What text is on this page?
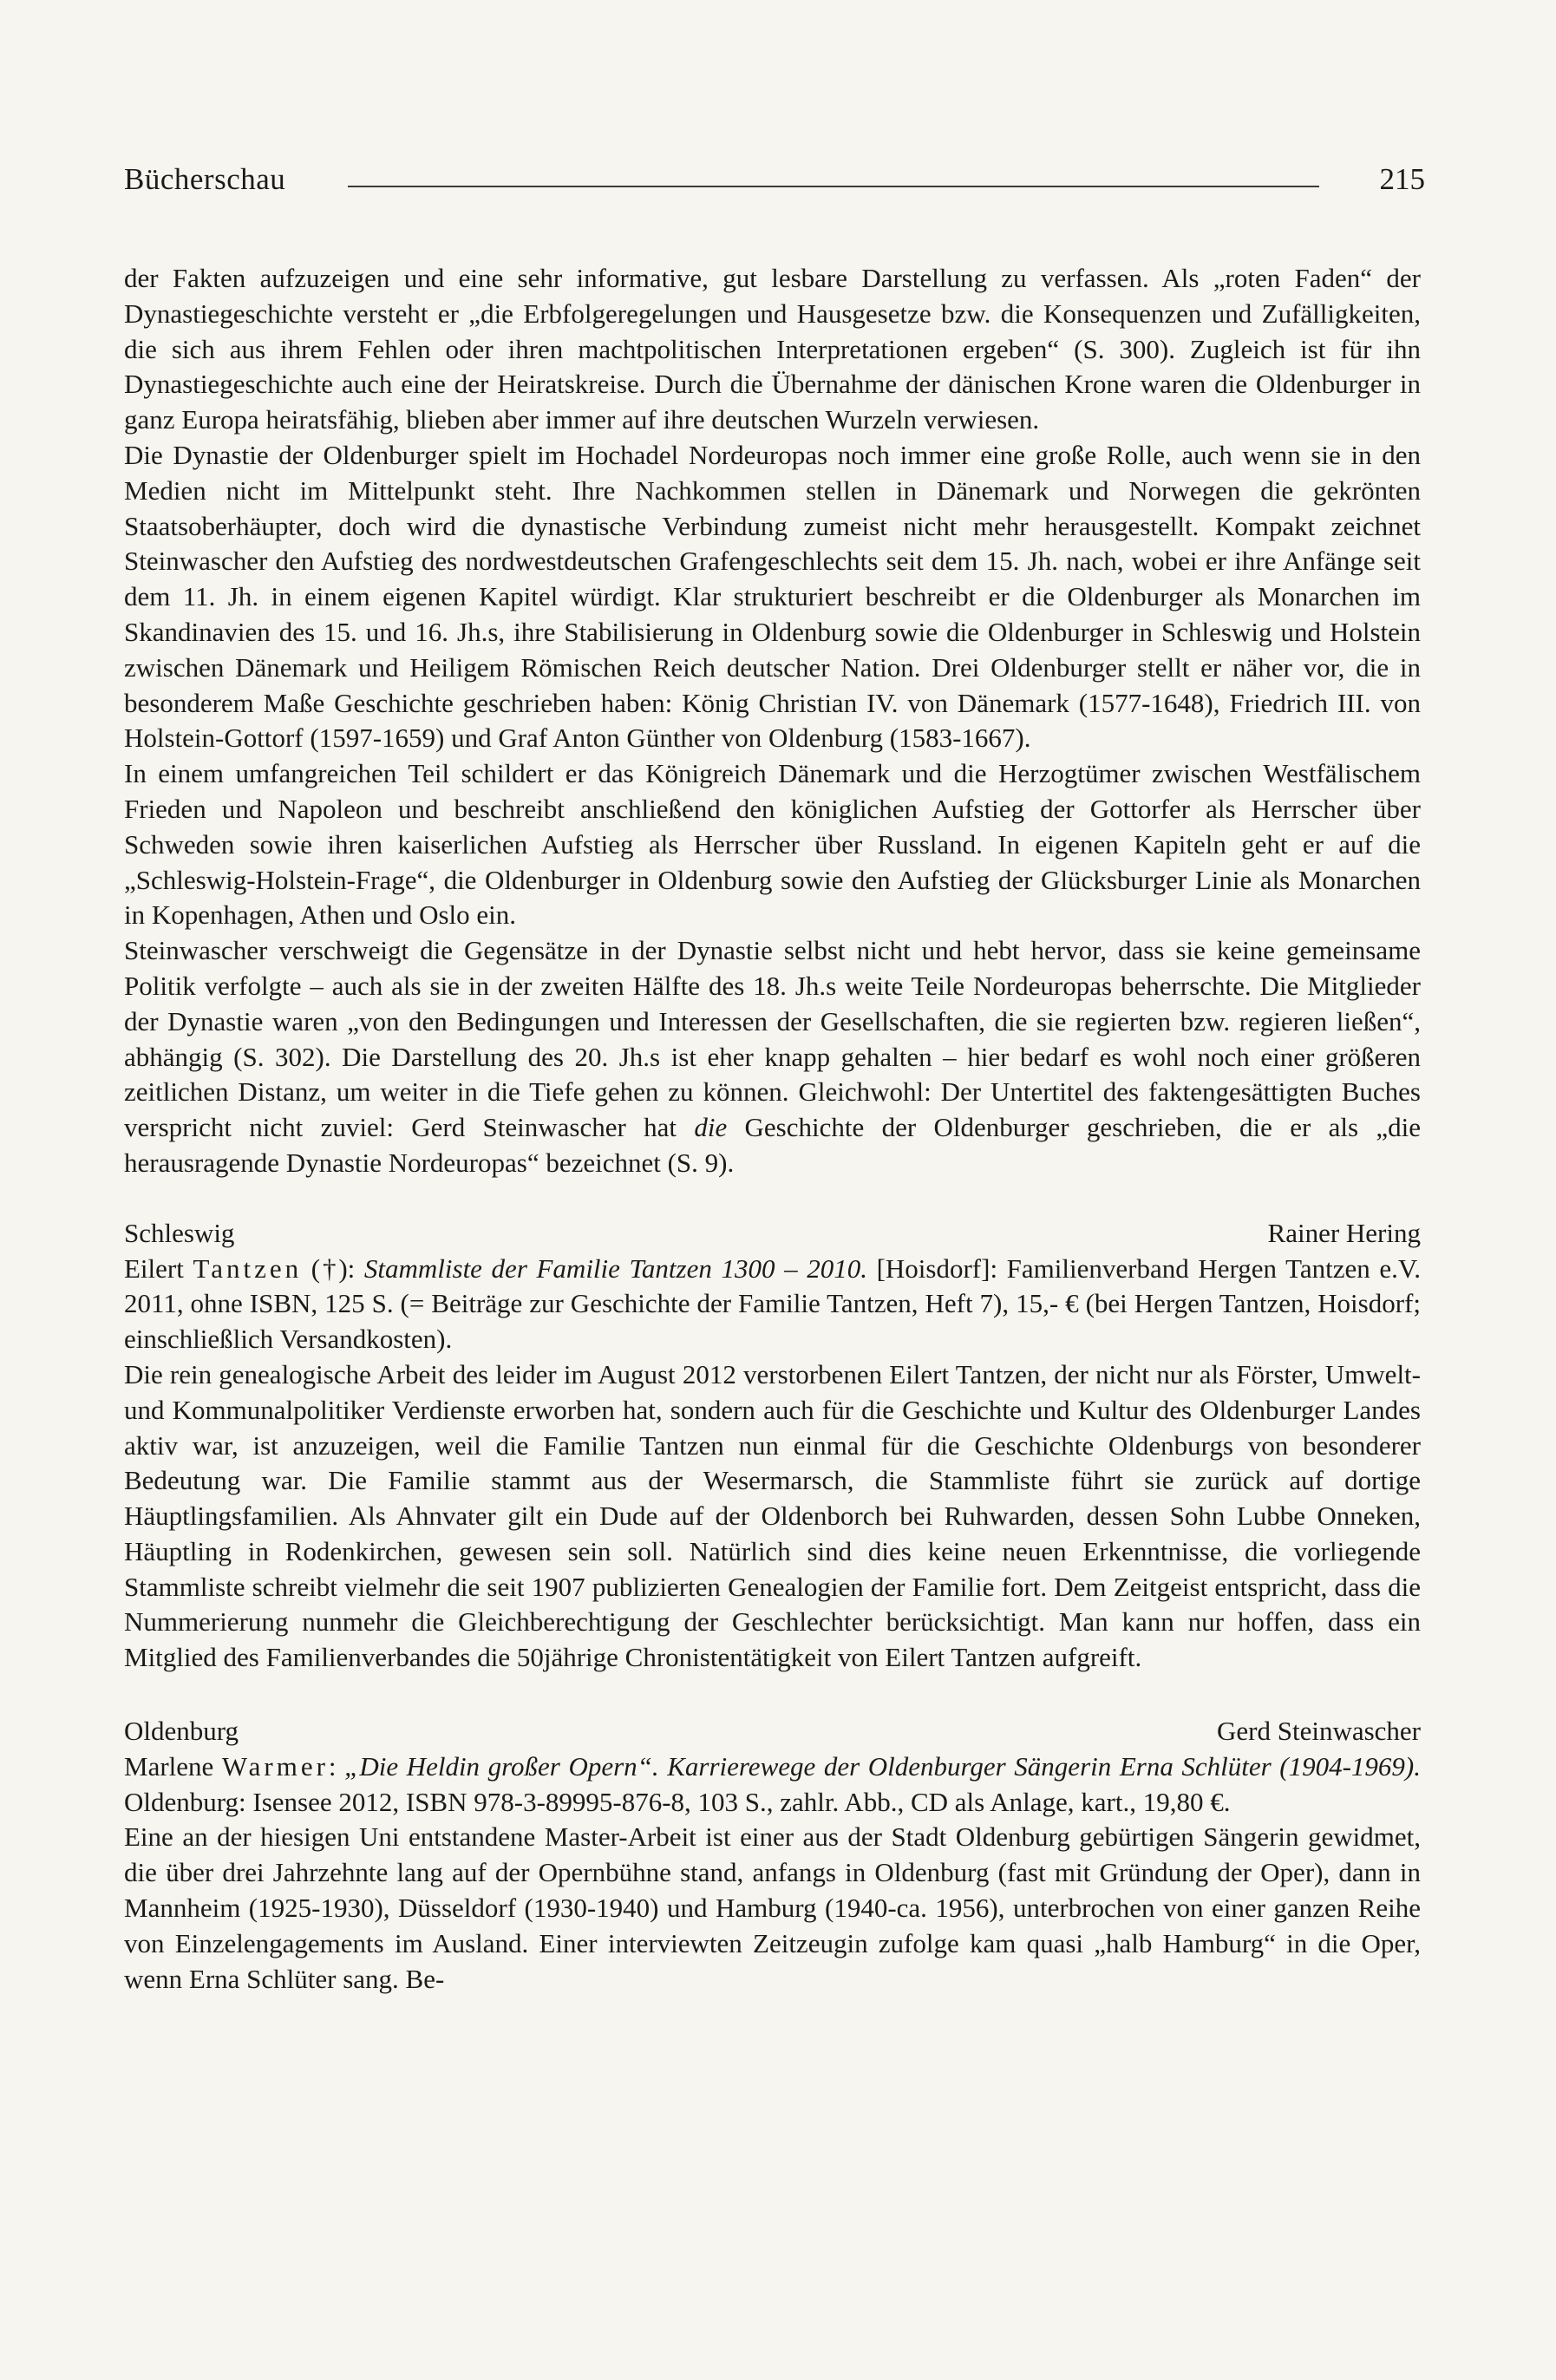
Bücherschau	215

der Fakten aufzuzeigen und eine sehr informative, gut lesbare Darstellung zu verfassen. Als „roten Faden“ der Dynastiegeschichte versteht er „die Erbfolgeregelungen und Hausgesetze bzw. die Konsequenzen und Zufälligkeiten, die sich aus ihrem Fehlen oder ihren machtpolitischen Interpretationen ergeben“ (S. 300). Zugleich ist für ihn Dynastiegeschichte auch eine der Heiratskreise. Durch die Übernahme der dänischen Krone waren die Oldenburger in ganz Europa heiratsfähig, blieben aber immer auf ihre deutschen Wurzeln verwiesen.

Die Dynastie der Oldenburger spielt im Hochadel Nordeuropas noch immer eine große Rolle, auch wenn sie in den Medien nicht im Mittelpunkt steht. Ihre Nachkommen stellen in Dänemark und Norwegen die gekrönten Staatsoberhäupter, doch wird die dynastische Verbindung zumeist nicht mehr herausgestellt. Kompakt zeichnet Steinwascher den Aufstieg des nordwestdeutschen Grafengeschlechts seit dem 15. Jh. nach, wobei er ihre Anfänge seit dem 11. Jh. in einem eigenen Kapitel würdigt. Klar strukturiert beschreibt er die Oldenburger als Monarchen im Skandinavien des 15. und 16. Jh.s, ihre Stabilisierung in Oldenburg sowie die Oldenburger in Schleswig und Holstein zwischen Dänemark und Heiligem Römischen Reich deutscher Nation. Drei Oldenburger stellt er näher vor, die in besonderem Maße Geschichte geschrieben haben: König Christian IV. von Dänemark (1577-1648), Friedrich III. von Holstein-Gottorf (1597-1659) und Graf Anton Günther von Oldenburg (1583-1667).

In einem umfangreichen Teil schildert er das Königreich Dänemark und die Herzogtümer zwischen Westfälischem Frieden und Napoleon und beschreibt anschließend den königlichen Aufstieg der Gottorfer als Herrscher über Schweden sowie ihren kaiserlichen Aufstieg als Herrscher über Russland. In eigenen Kapiteln geht er auf die „Schleswig-Holstein-Frage“, die Oldenburger in Oldenburg sowie den Aufstieg der Glücksburger Linie als Monarchen in Kopenhagen, Athen und Oslo ein.

Steinwascher verschweigt die Gegensätze in der Dynastie selbst nicht und hebt hervor, dass sie keine gemeinsame Politik verfolgte – auch als sie in der zweiten Hälfte des 18. Jh.s weite Teile Nordeuropas beherrschte. Die Mitglieder der Dynastie waren „von den Bedingungen und Interessen der Gesellschaften, die sie regierten bzw. regieren ließen“, abhängig (S. 302). Die Darstellung des 20. Jh.s ist eher knapp gehalten – hier bedarf es wohl noch einer größeren zeitlichen Distanz, um weiter in die Tiefe gehen zu können. Gleichwohl: Der Untertitel des faktengesättigten Buches verspricht nicht zuviel: Gerd Steinwascher hat die Geschichte der Oldenburger geschrieben, die er als „die herausragende Dynastie Nordeuropas“ bezeichnet (S. 9).

Schleswig	Rainer Hering

Eilert Tantzen (†): Stammliste der Familie Tantzen 1300 – 2010. [Hoisdorf]: Familienverband Hergen Tantzen e.V. 2011, ohne ISBN, 125 S. (= Beiträge zur Geschichte der Familie Tantzen, Heft 7), 15,- € (bei Hergen Tantzen, Hoisdorf; einschließlich Versandkosten).

Die rein genealogische Arbeit des leider im August 2012 verstorbenen Eilert Tantzen, der nicht nur als Förster, Umwelt- und Kommunalpolitiker Verdienste erworben hat, sondern auch für die Geschichte und Kultur des Oldenburger Landes aktiv war, ist anzuzeigen, weil die Familie Tantzen nun einmal für die Geschichte Oldenburgs von besonderer Bedeutung war. Die Familie stammt aus der Wesermarsch, die Stammliste führt sie zurück auf dortige Häuptlingsfamilien. Als Ahnvater gilt ein Dude auf der Oldenborch bei Ruhwarden, dessen Sohn Lubbe Onneken, Häuptling in Rodenkirchen, gewesen sein soll. Natürlich sind dies keine neuen Erkenntnisse, die vorliegende Stammliste schreibt vielmehr die seit 1907 publizierten Genealogien der Familie fort. Dem Zeitgeist entspricht, dass die Nummerierung nunmehr die Gleichberechtigung der Geschlechter berücksichtigt. Man kann nur hoffen, dass ein Mitglied des Familienverbandes die 50jährige Chronistentätigkeit von Eilert Tantzen aufgreift.

Oldenburg	Gerd Steinwascher

Marlene Warmer: „Die Heldin großer Opern“. Karrierewege der Oldenburger Sängerin Erna Schlüter (1904-1969). Oldenburg: Isensee 2012, ISBN 978-3-89995-876-8, 103 S., zahlr. Abb., CD als Anlage, kart., 19,80 €.

Eine an der hiesigen Uni entstandene Master-Arbeit ist einer aus der Stadt Oldenburg gebürtigen Sängerin gewidmet, die über drei Jahrzehnte lang auf der Opernbühne stand, anfangs in Oldenburg (fast mit Gründung der Oper), dann in Mannheim (1925-1930), Düsseldorf (1930-1940) und Hamburg (1940-ca. 1956), unterbrochen von einer ganzen Reihe von Einzelengagements im Ausland. Einer interviewten Zeitzeugin zufolge kam quasi „halb Hamburg“ in die Oper, wenn Erna Schlüter sang. Be-
